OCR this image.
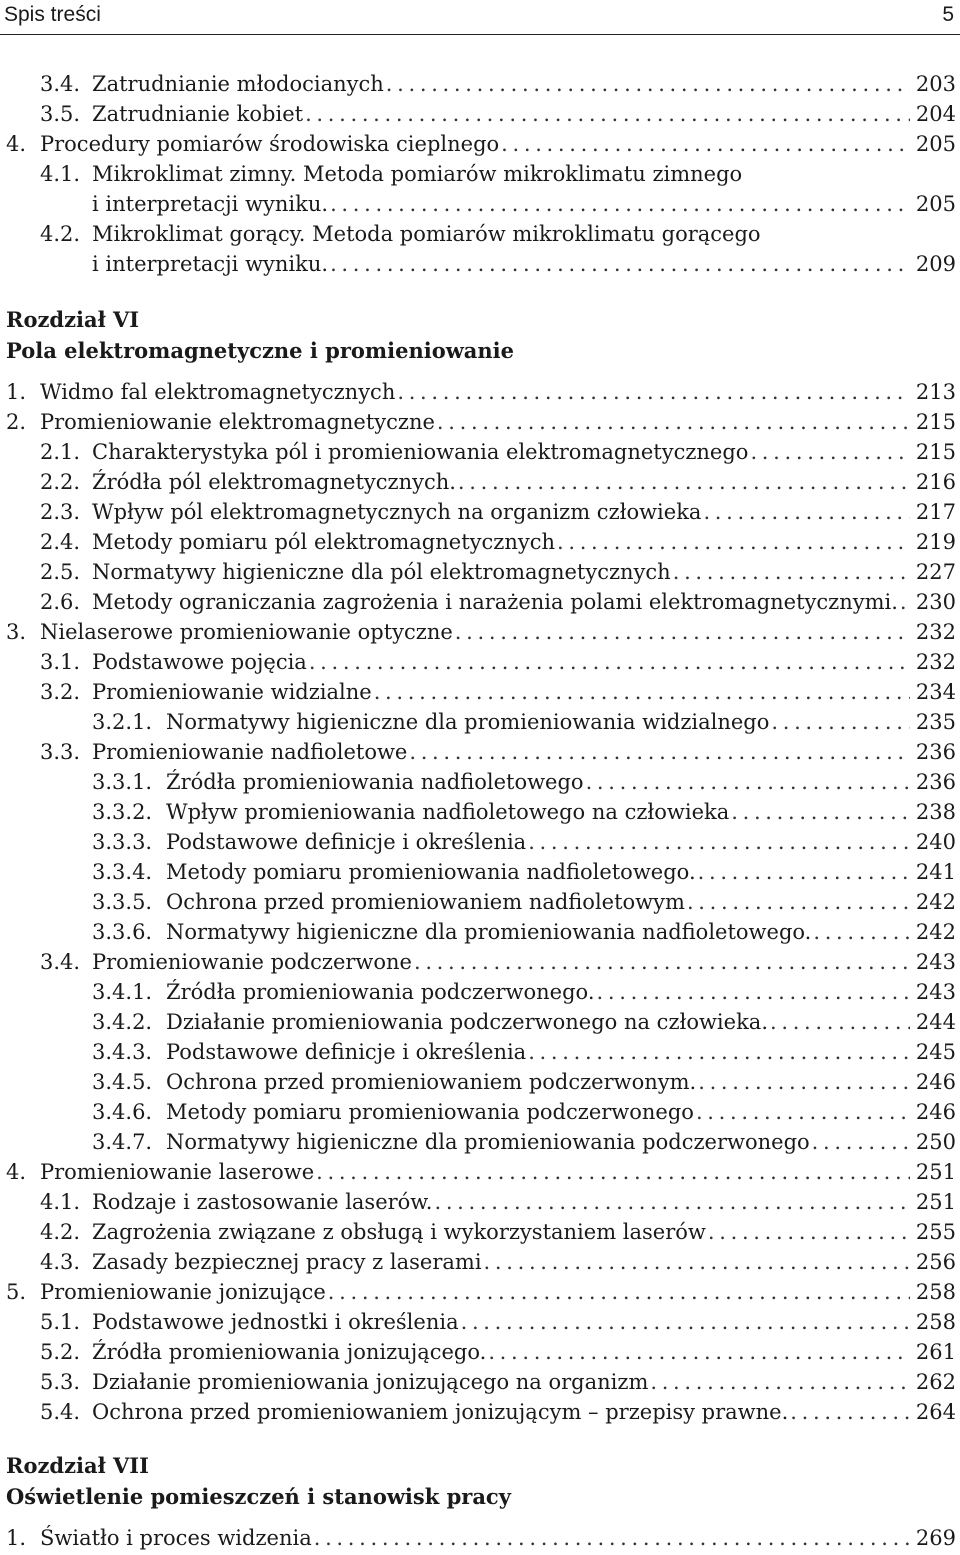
Spis treści	5
Rozdział VI
Pola elektromagnetyczne i promieniowanie
Rozdział VII
Oświetlenie pomieszczeń i stanowisk pracy
3.4. Zatrudnianie młodocianych . . .	203
3.5. Zatrudnianie kobiet . . .	204
4. Procedury pomiarów środowiska cieplnego . . .	205
4.1. Mikroklimat zimny. Metoda pomiarów mikroklimatu zimnego
i interpretacji wyniku. . . .	205
4.2. Mikroklimat gorący. Metoda pomiarów mikroklimatu gorącego
i interpretacji wyniku. . . .	209
1. Widmo fal elektromagnetycznych . . .	213
2. Promieniowanie elektromagnetyczne . . .	215
2.1. Charakterystyka pól i promieniowania elektromagnetycznego . . .	215
2.2. Źródła pól elektromagnetycznych. . . .	216
2.3. Wpływ pól elektromagnetycznych na organizm człowieka . . .	217
2.4. Metody pomiaru pól elektromagnetycznych . . .	219
2.5. Normatywy higieniczne dla pól elektromagnetycznych . . .	227
2.6. Metody ograniczania zagrożenia i narażenia polami elektromagnetycznymi. . . . 230
3. Nielaserowe promieniowanie optyczne . . .	232
3.1. Podstawowe pojęcia . . .	232
3.2. Promieniowanie widzialne . . .	234
3.2.1. Normatywy higieniczne dla promieniowania widzialnego . . .	235
3.3. Promieniowanie nadfioletowe . . .	236
3.3.1. Źródła promieniowania nadfioletowego . . .	236
3.3.2. Wpływ promieniowania nadfioletowego na człowieka . . .	238
3.3.3. Podstawowe definicje i określenia . . .	240
3.3.4. Metody pomiaru promieniowania nadfioletowego. . . .	241
3.3.5. Ochrona przed promieniowaniem nadfioletowym . . .	242
3.3.6. Normatywy higieniczne dla promieniowania nadfioletowego. . . .	242
3.4. Promieniowanie podczerwone . . .	243
3.4.1. Źródła promieniowania podczerwonego. . . .	243
3.4.2. Działanie promieniowania podczerwonego na człowieka. . . .	244
3.4.3. Podstawowe definicje i określenia . . .	245
3.4.5. Ochrona przed promieniowaniem podczerwonym. . . .	246
3.4.6. Metody pomiaru promieniowania podczerwonego . . .	246
3.4.7. Normatywy higieniczne dla promieniowania podczerwonego . . .	250
4. Promieniowanie laserowe . . .	251
4.1. Rodzaje i zastosowanie laserów. . . .	251
4.2. Zagrożenia związane z obsługą i wykorzystaniem laserów . . .	255
4.3. Zasady bezpiecznej pracy z laserami . . .	256
5. Promieniowanie jonizujące . . .	258
5.1. Podstawowe jednostki i określenia . . .	258
5.2. Źródła promieniowania jonizującego. . . .	261
5.3. Działanie promieniowania jonizującego na organizm . . .	262
5.4. Ochrona przed promieniowaniem jonizującym – przepisy prawne. . . .	264
1. Światło i proces widzenia . . .	269
